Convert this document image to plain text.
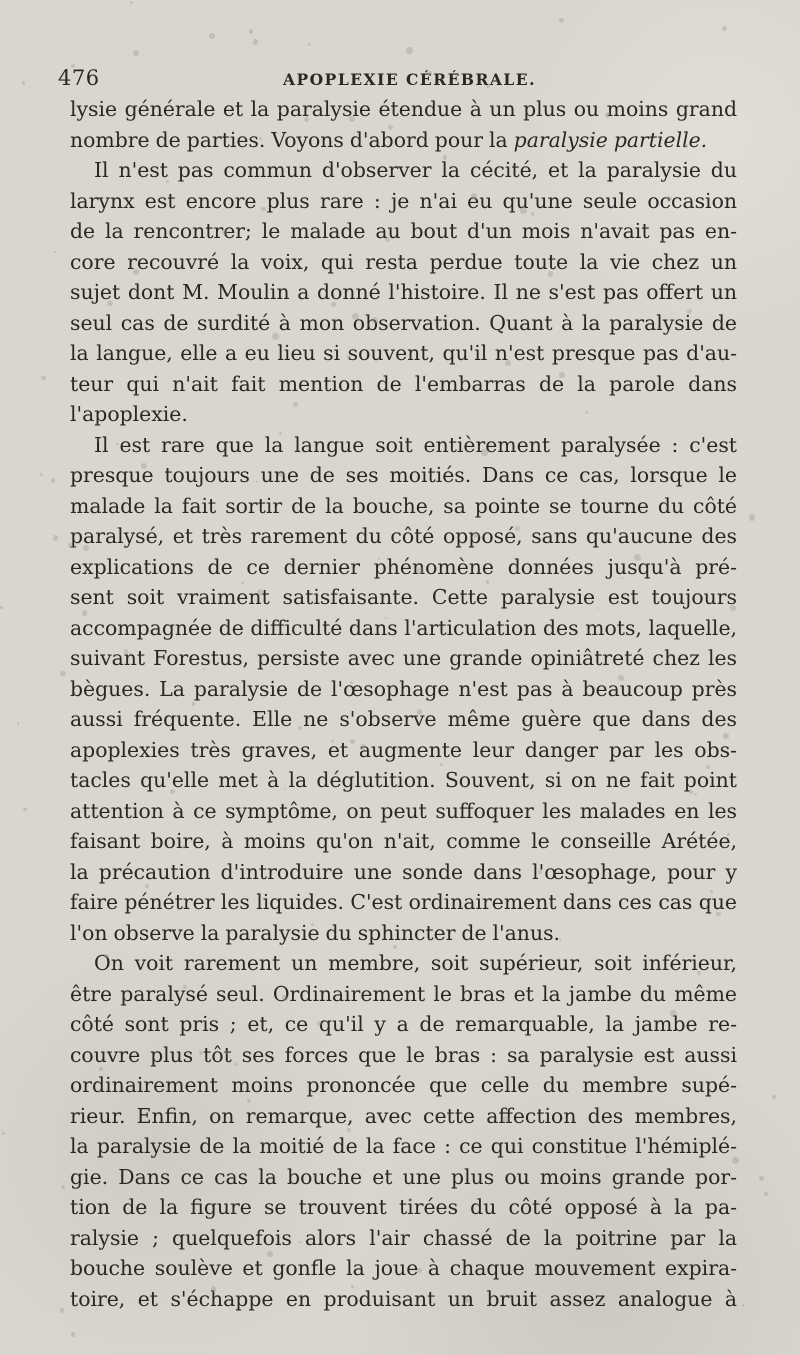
476	APOPLEXIE CÉRÉBRALE.
lysie générale et la paralysie étendue à un plus ou moins grand
nombre de parties. Voyons d'abord pour la paralysie partielle.
Il n'est pas commun d'observer la cécité, et la paralysie du
larynx est encore plus rare : je n'ai eu qu'une seule occasion
de la rencontrer; le malade au bout d'un mois n'avait pas en-
core recouvré la voix, qui resta perdue toute la vie chez un
sujet dont M. Moulin a donné l'histoire. Il ne s'est pas offert un
seul cas de surdité à mon observation. Quant à la paralysie de
la langue, elle a eu lieu si souvent, qu'il n'est presque pas d'au-
teur qui n'ait fait mention de l'embarras de la parole dans
l'apoplexie.
Il est rare que la langue soit entièrement paralysée : c'est
presque toujours une de ses moitiés. Dans ce cas, lorsque le
malade la fait sortir de la bouche, sa pointe se tourne du côté
paralysé, et très rarement du côté opposé, sans qu'aucune des
explications de ce dernier phénomène données jusqu'à pré-
sent soit vraiment satisfaisante. Cette paralysie est toujours
accompagnée de difficulté dans l'articulation des mots, laquelle,
suivant Forestus, persiste avec une grande opiniâtreté chez les
bègues. La paralysie de l'œsophage n'est pas à beaucoup près
aussi fréquente. Elle ne s'observe même guère que dans des
apoplexies très graves, et augmente leur danger par les obs-
tacles qu'elle met à la déglutition. Souvent, si on ne fait point
attention à ce symptôme, on peut suffoquer les malades en les
faisant boire, à moins qu'on n'ait, comme le conseille Arétée,
la précaution d'introduire une sonde dans l'œsophage, pour y
faire pénétrer les liquides. C'est ordinairement dans ces cas que
l'on observe la paralysie du sphincter de l'anus.
On voit rarement un membre, soit supérieur, soit inférieur,
être paralysé seul. Ordinairement le bras et la jambe du même
côté sont pris ; et, ce qu'il y a de remarquable, la jambe re-
couvre plus tôt ses forces que le bras : sa paralysie est aussi
ordinairement moins prononcée que celle du membre supé-
rieur. Enfin, on remarque, avec cette affection des membres,
la paralysie de la moitié de la face : ce qui constitue l'hémiplé-
gie. Dans ce cas la bouche et une plus ou moins grande por-
tion de la figure se trouvent tirées du côté opposé à la pa-
ralysie ; quelquefois alors l'air chassé de la poitrine par la
bouche soulève et gonfle la joue à chaque mouvement expira-
toire, et s'échappe en produisant un bruit assez analogue à
